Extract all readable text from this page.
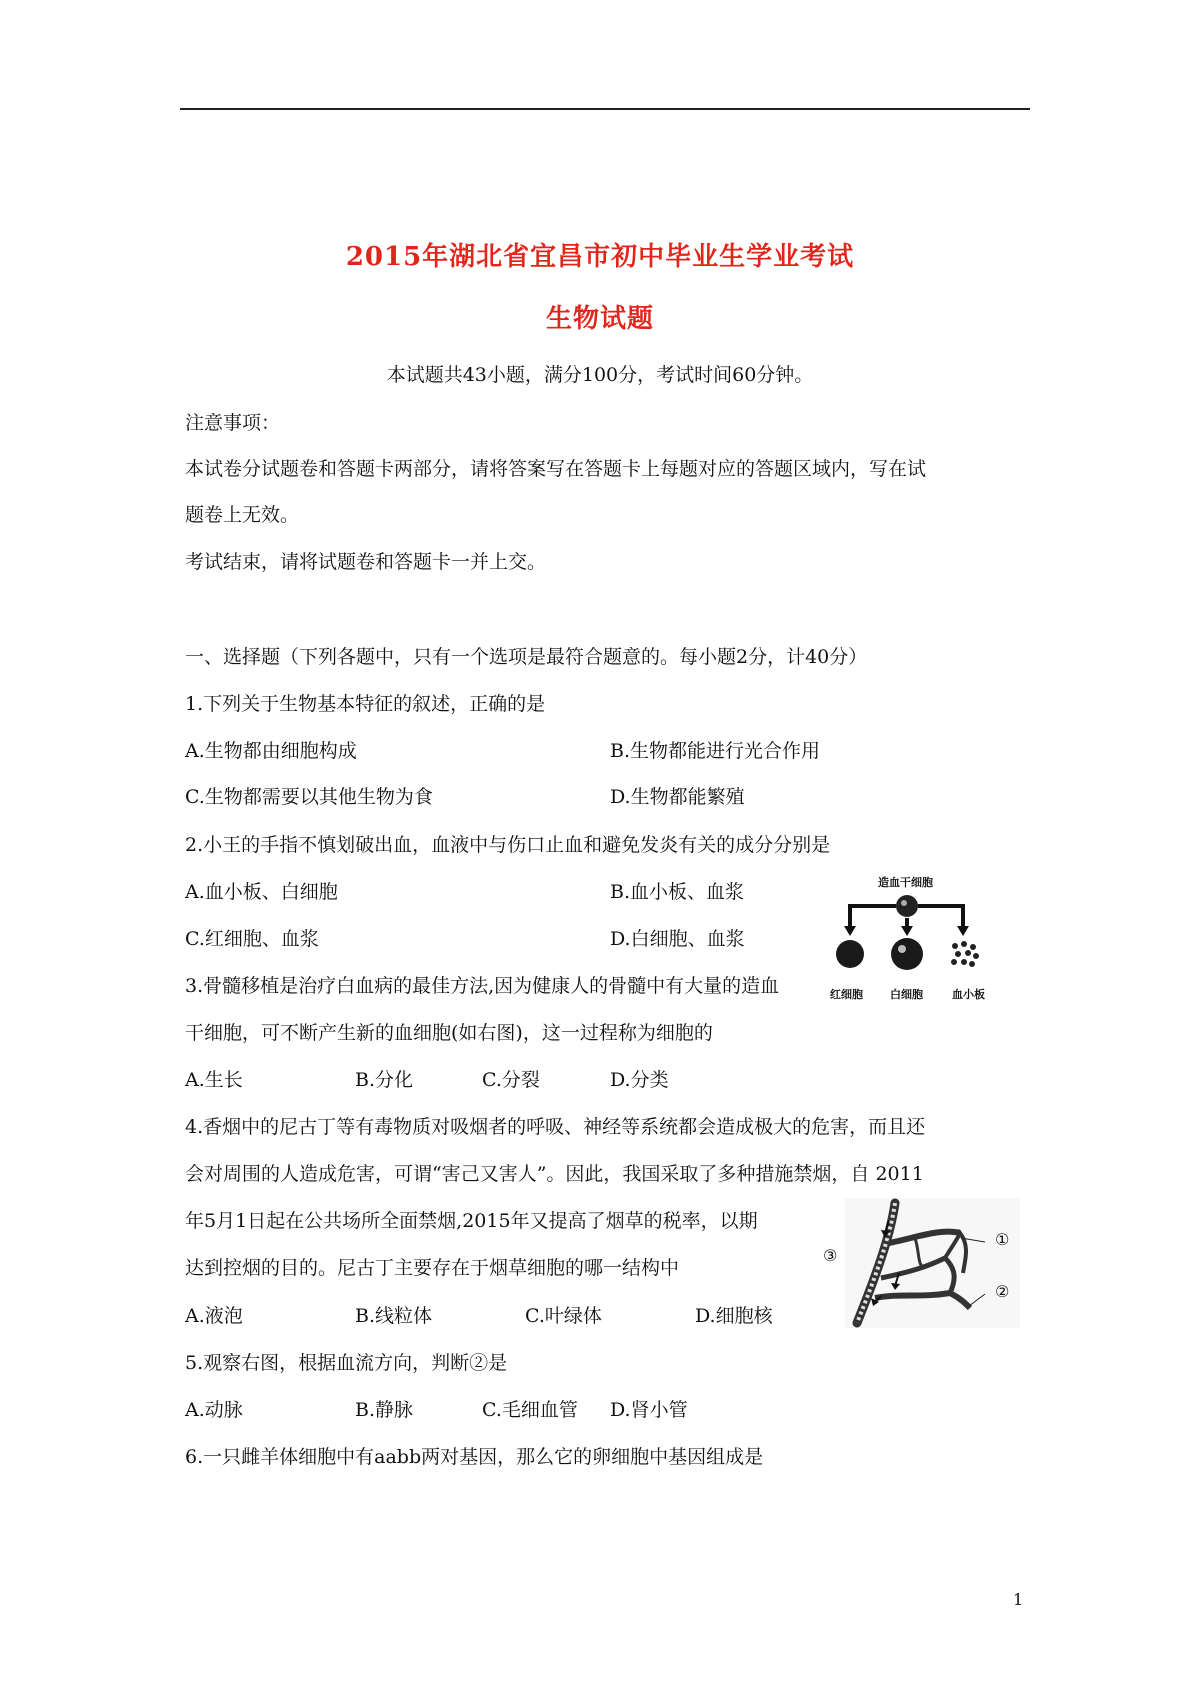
2015年湖北省宜昌市初中毕业生学业考试
生物试题
本试题共43小题，满分100分，考试时间60分钟。
注意事项：
本试卷分试题卷和答题卡两部分，请将答案写在答题卡上每题对应的答题区域内，写在试
题卷上无效。
考试结束，请将试题卷和答题卡一并上交。
一、选择题（下列各题中，只有一个选项是最符合题意的。每小题2分，计40分）
1.下列关于生物基本特征的叙述，正确的是
A.生物都由细胞构成	B.生物都能进行光合作用
C.生物都需要以其他生物为食	D.生物都能繁殖
2.小王的手指不慎划破出血，血液中与伤口止血和避免发炎有关的成分分别是
A.血小板、白细胞	B.血小板、血浆
C.红细胞、血浆	D.白细胞、血浆
造血干细胞
红细胞 白细胞	血小板
3.骨髓移植是治疗白血病的最佳方法,因为健康人的骨髓中有大量的造血
干细胞，可不断产生新的血细胞(如右图)，这一过程称为细胞的
A.生长	B.分化	C.分裂	D.分类
4.香烟中的尼古丁等有毒物质对吸烟者的呼吸、神经等系统都会造成极大的危害，而且还
会对周围的人造成危害，可谓“害己又害人”。因此，我国采取了多种措施禁烟，自 2011
年5月1日起在公共场所全面禁烟,2015年又提高了烟草的税率，以期
达到控烟的目的。尼古丁主要存在于烟草细胞的哪一结构中
A.液泡	B.线粒体	C.叶绿体	D.细胞核
①
②
③
5.观察右图，根据血流方向，判断②是
A.动脉	B.静脉	C.毛细血管 D.肾小管
6.一只雌羊体细胞中有aabb两对基因，那么它的卵细胞中基因组成是
1
